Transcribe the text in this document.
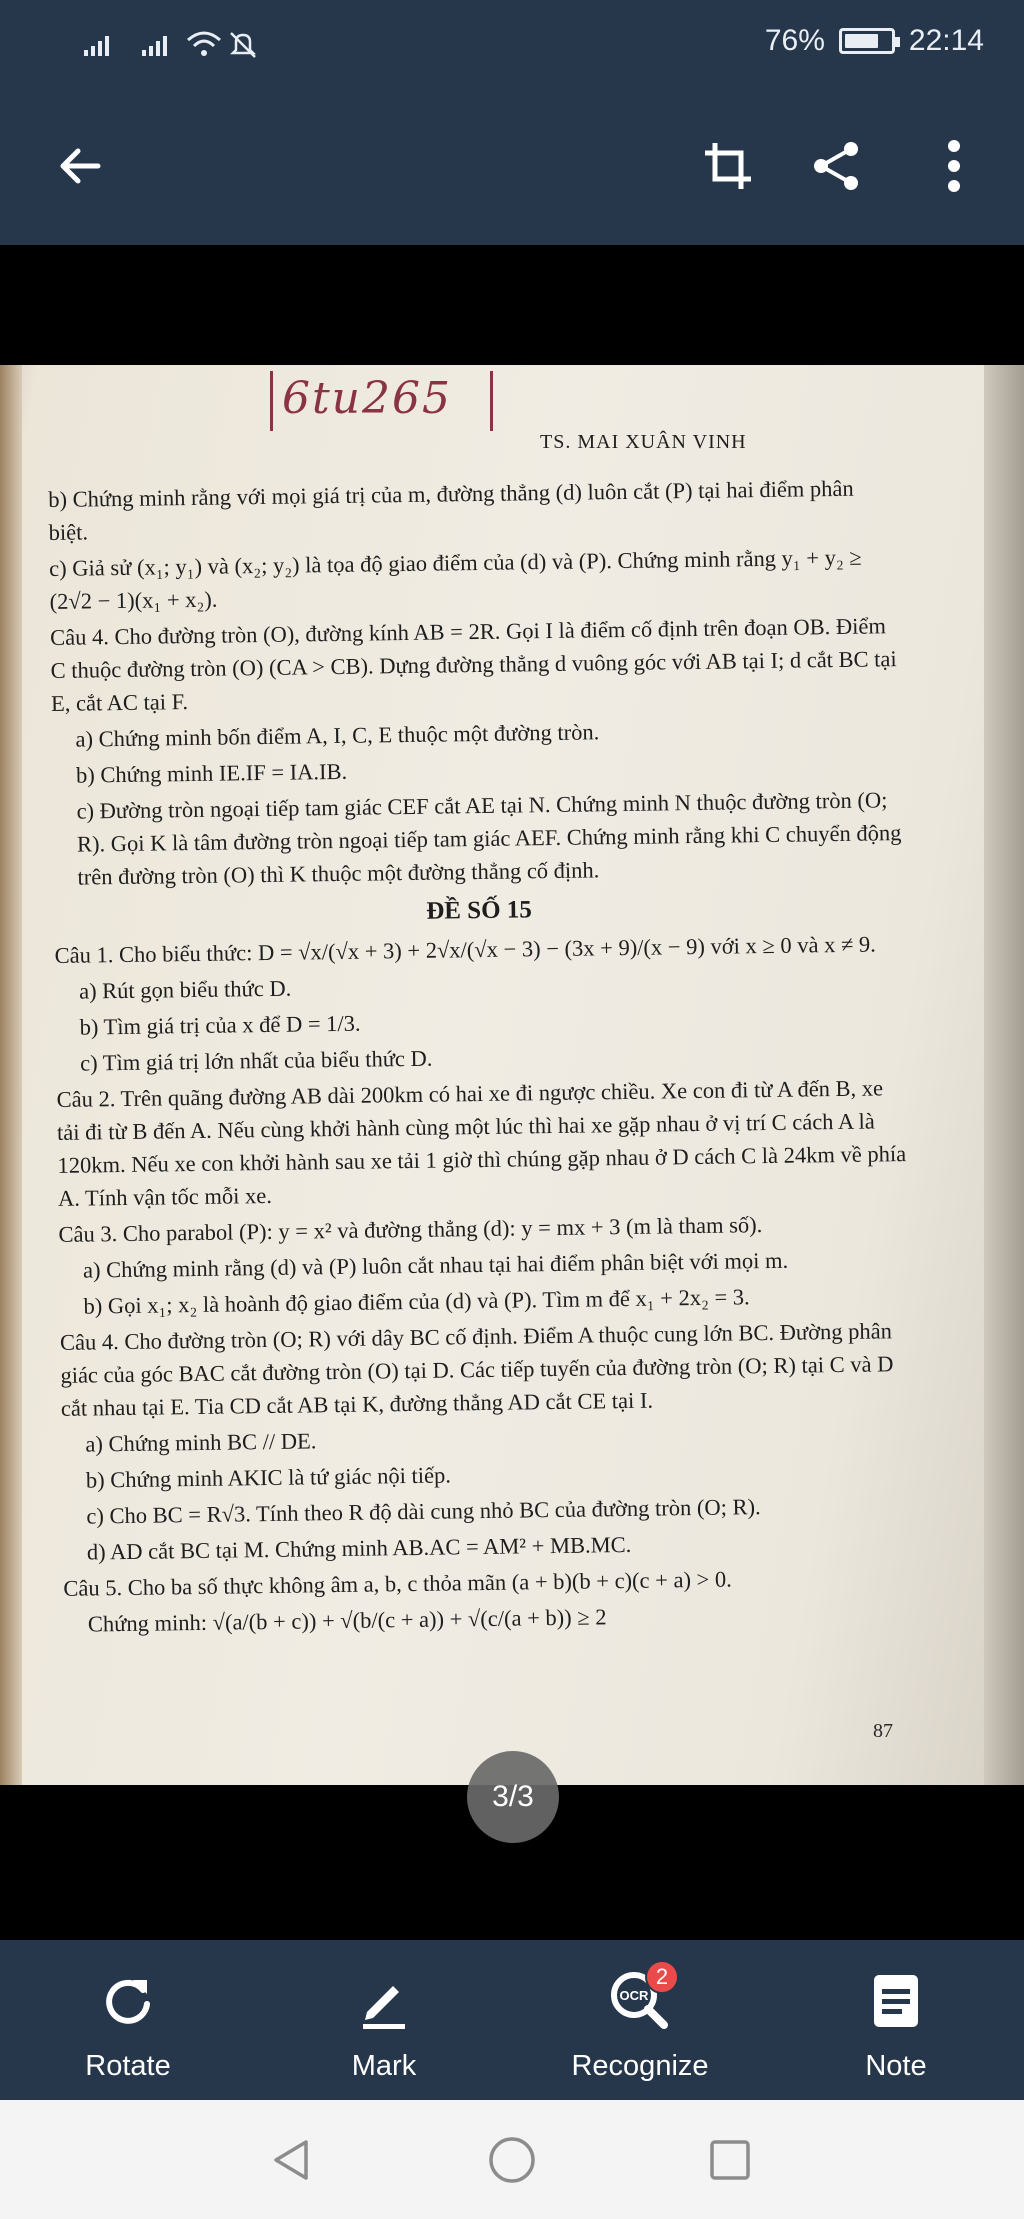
76%	22:14
6tu265
TS. MAI XUÂN VINH

b) Chứng minh rằng với mọi giá trị của m, đường thẳng (d) luôn cắt (P) tại hai điểm phân biệt.

c) Giả sử (x₁; y₁) và (x₂; y₂) là tọa độ giao điểm của (d) và (P). Chứng minh rằng y₁ + y₂ ≥ (2√2 − 1)(x₁ + x₂).

Câu 4. Cho đường tròn (O), đường kính AB = 2R. Gọi I là điểm cố định trên đoạn OB. Điểm C thuộc đường tròn (O) (CA > CB). Dựng đường thẳng d vuông góc với AB tại I; d cắt BC tại E, cắt AC tại F.

a) Chứng minh bốn điểm A, I, C, E thuộc một đường tròn.

b) Chứng minh IE.IF = IA.IB.

c) Đường tròn ngoại tiếp tam giác CEF cắt AE tại N. Chứng minh N thuộc đường tròn (O; R). Gọi K là tâm đường tròn ngoại tiếp tam giác AEF. Chứng minh rằng khi C chuyển động trên đường tròn (O) thì K thuộc một đường thẳng cố định.

ĐỀ SỐ 15

Câu 1. Cho biểu thức: D = √x/(√x + 3) + 2√x/(√x − 3) − (3x + 9)/(x − 9) với x ≥ 0 và x ≠ 9.

a) Rút gọn biểu thức D.

b) Tìm giá trị của x để D = 1/3.

c) Tìm giá trị lớn nhất của biểu thức D.

Câu 2. Trên quãng đường AB dài 200km có hai xe đi ngược chiều. Xe con đi từ A đến B, xe tải đi từ B đến A. Nếu cùng khởi hành cùng một lúc thì hai xe gặp nhau ở vị trí C cách A là 120km. Nếu xe con khởi hành sau xe tải 1 giờ thì chúng gặp nhau ở D cách C là 24km về phía A. Tính vận tốc mỗi xe.

Câu 3. Cho parabol (P): y = x² và đường thẳng (d): y = mx + 3 (m là tham số).

a) Chứng minh rằng (d) và (P) luôn cắt nhau tại hai điểm phân biệt với mọi m.

b) Gọi x₁; x₂ là hoành độ giao điểm của (d) và (P). Tìm m để x₁ + 2x₂ = 3.

Câu 4. Cho đường tròn (O; R) với dây BC cố định. Điểm A thuộc cung lớn BC. Đường phân giác của góc BAC cắt đường tròn (O) tại D. Các tiếp tuyến của đường tròn (O; R) tại C và D cắt nhau tại E. Tia CD cắt AB tại K, đường thẳng AD cắt CE tại I.

a) Chứng minh BC // DE.

b) Chứng minh AKIC là tứ giác nội tiếp.

c) Cho BC = R√3. Tính theo R độ dài cung nhỏ BC của đường tròn (O; R).

d) AD cắt BC tại M. Chứng minh AB.AC = AM² + MB.MC.

Câu 5. Cho ba số thực không âm a, b, c thỏa mãn (a + b)(b + c)(c + a) > 0.

Chứng minh: √(a/(b + c)) + √(b/(c + a)) + √(c/(a + b)) ≥ 2

87
3/3
Rotate	Mark
OCR
2
Recognize	Note
